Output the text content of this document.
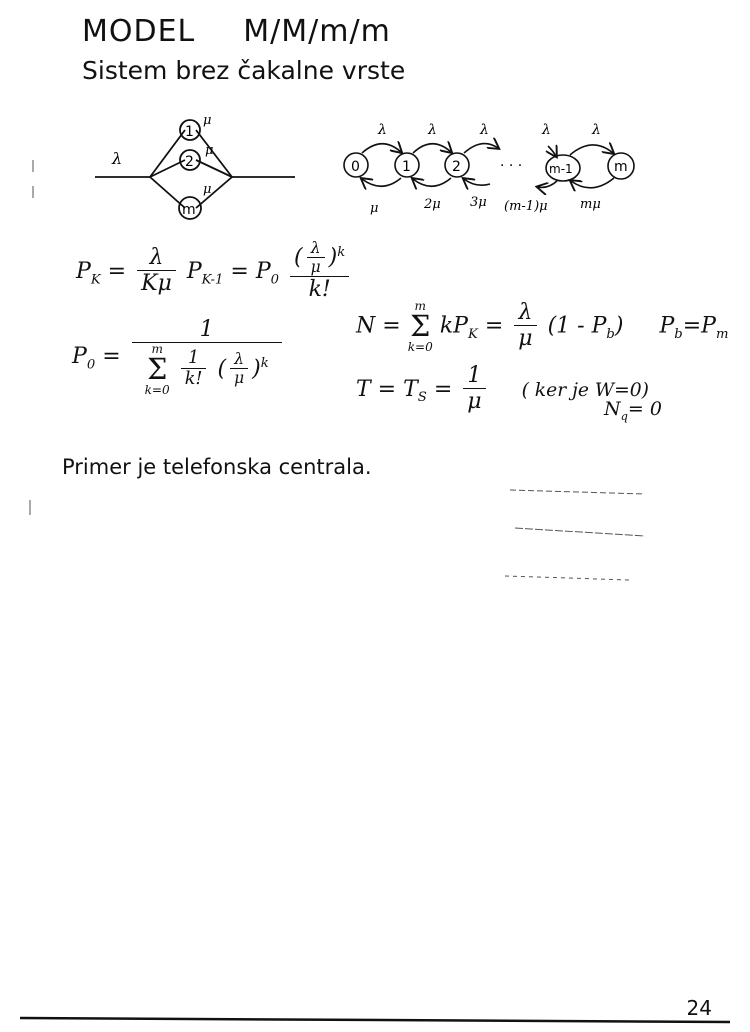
MODEL M/M/m/m
Sistem brez čakalne vrste
λ
1
2
m
μ
μ
μ
0	1	2	m-1	m
· · ·
λ	λ	λ	λ	λ
μ	2μ 3μ (m-1)μ mμ
$P_K = \frac{\lambda}{K\mu} P_{K-1} = P_0 \frac{( \frac{\lambda}{\mu} )^k}{k!}$
$P_0 = 1$
m
Σ
k=0
$\frac{1}{k!}$ ( $\frac{\lambda}{\mu} )^k$	N =
m
Σ
k=0
$kP_K = \frac{\lambda}{\mu} (1 - P_b)$ $P_b=P_m$
$T = T_S = \frac{1}{\mu}$ ( ker je W=0)
$N_q= 0$
Primer je telefonska centrala.
24
